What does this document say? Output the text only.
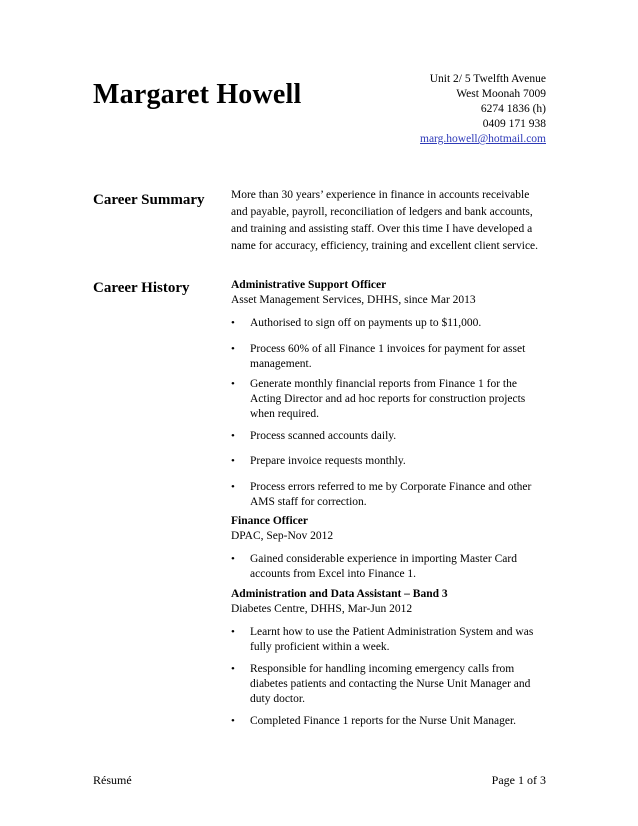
Margaret Howell	Unit 2/ 5 Twelfth Avenue
West Moonah 7009
6274 1836 (h)
0409 171 938
marg.howell@hotmail.com
Career Summary More than 30 years’ experience in finance in accounts receivable
and payable, payroll, reconciliation of ledgers and bank accounts,
and training and assisting staff. Over this time I have developed a
name for accuracy, efficiency, training and excellent client service.
Career History	Administrative Support Officer
Asset Management Services, DHHS, since Mar 2013
• Authorised to sign off on payments up to $11,000.
• Process 60% of all Finance 1 invoices for payment for asset
management.
• Generate monthly financial reports from Finance 1 for the
Acting Director and ad hoc reports for construction projects
when required.
• Process scanned accounts daily.
• Prepare invoice requests monthly.
• Process errors referred to me by Corporate Finance and other
AMS staff for correction.
Finance Officer
DPAC, Sep-Nov 2012
• Gained considerable experience in importing Master Card
accounts from Excel into Finance 1.
Administration and Data Assistant – Band 3
Diabetes Centre, DHHS, Mar-Jun 2012
• Learnt how to use the Patient Administration System and was
fully proficient within a week.
• Responsible for handling incoming emergency calls from
diabetes patients and contacting the Nurse Unit Manager and
duty doctor.
• Completed Finance 1 reports for the Nurse Unit Manager.
Résumé	Page 1 of 3
